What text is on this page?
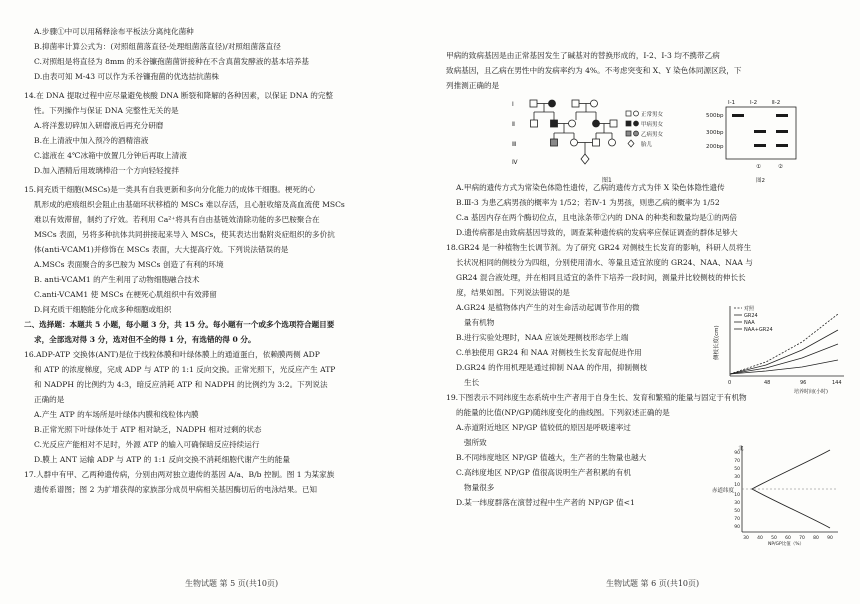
A.步骤①中可以用稀释涂布平板法分离纯化菌种

B.抑菌率计算公式为：(对照组菌落直径-处理组菌落直径)/对照组菌落直径

C.对照组是将直径为 8mm 的禾谷镰孢菌菌饼接种在不含真菌发酵液的基本培养基

D.由表可知 M-43 可以作为禾谷镰孢菌的优选拮抗菌株

14.在 DNA 提取过程中应尽量避免核酸 DNA 断裂和降解的各种因素，以保证 DNA 的完整

性。下列操作与保证 DNA 完整性无关的是

A.将洋葱切碎加入研磨液后再充分研磨

B.在上清液中加入预冷的酒精溶液

C.滤液在 4℃冰箱中放置几分钟后再取上清液

D.加入酒精后用玻璃棒沿一个方向轻轻搅拌

15.间充质干细胞(MSCs)是一类具有自我更新和多向分化能力的成体干细胞。梗死的心

肌形成的疤痕组织会阻止由基础环状移植的 MSCs 难以存活，且心脏收缩及高血流使 MSCs

难以有效滞留，制约了疗效。若利用 Ca²⁺将具有自由基链效清除功能的多巴胺聚合在

MSCs 表面，另将多种抗体共同拼接起来导入 MSCs，使其表达出黏附炎症组织的多价抗

体(anti-VCAM1)并修饰在 MSCs 表面，大大提高疗效。下列说法错误的是

A.MSCs 表面聚合的多巴胺为 MSCs 创造了有利的环境

B. anti-VCAM1 的产生利用了动物细胞融合技术

C.anti-VCAM1 使 MSCs 在梗死心肌组织中有效滞留

D.间充质干细胞能分化成多种细胞或组织

二、选择题：本题共 5 小题，每小题 3 分，共 15 分。每小题有一个或多个选项符合题目要

求，全部选对得 3 分，选对但不全的得 1 分，有选错的得 0 分。

16.ADP-ATP 交换体(ANT)是位于线粒体膜和叶绿体膜上的通道蛋白，依赖膜两侧 ADP

和 ATP 的浓度梯度，完成 ADP 与 ATP 的 1:1 反向交换。正常光照下，光反应产生 ATP

和 NADPH 的比例约为 4:3，暗反应消耗 ATP 和 NADPH 的比例约为 3:2。下列说法

正确的是

A.产生 ATP 的车场所是叶绿体内膜和线粒体内膜

B.正常光照下叶绿体处于 ATP 相对缺乏，NADPH 相对过剩的状态

C.光反应产能相对不足时，外源 ATP 的输入可确保暗反应持续运行

D.膜上 ANT 运输 ADP 与 ATP 的 1:1 反向交换不消耗细胞代谢产生的能量

17.人群中有甲、乙两种遗传病，分别由两对独立遗传的基因 A/a、B/b 控制。图 1 为某家族

遗传系谱图；图 2 为扩增获得的家族部分成员甲病相关基因酶切后的电泳结果。已知

生物试题 第 5 页(共10页)

甲病的致病基因是由正常基因发生了碱基对的替换形成的，Ⅰ-2、Ⅰ-3 均不携带乙病

致病基因，且乙病在男性中的发病率约为 4%。不考虑突变和 X、Y 染色体同源区段，下

列推测正确的是

Ⅰ
Ⅱ
Ⅲ
Ⅳ
正常男女
甲病男女
乙病男女
胎儿
图1
Ⅰ-1	Ⅰ-2	Ⅱ-2
500bp
300bp
200bp
①	②
图2

A.甲病的遗传方式为常染色体隐性遗传，乙病的遗传方式为伴 X 染色体隐性遗传

B.Ⅲ-3 为患乙病男孩的概率为 1/52；若Ⅳ-1 为男孩，则患乙病的概率为 1/52

C.a 基因内存在两个酶切位点，且电泳条带②内的 DNA 的种类和数量均是①的两倍

D.遗传病都是由致病基因导致的，调查某种遗传病的发病率应保证调查的群体足够大

18.GR24 是一种植物生长调节剂。为了研究 GR24 对侧枝生长发育的影响，科研人员将生

长状况相同的侧枝分为四组，分别使用清水、等量且适宜浓度的 GR24、NAA、NAA 与

GR24 混合液处理，并在相同且适宜的条件下培养一段时间，测量并比较侧枝的伸长长

度，结果如图。下列说法错误的是

A.GR24 是植物体内产生的对生命活动起调节作用的微

量有机物

B.进行实验处理时，NAA 应该处理侧枝形态学上端

C.单独使用 GR24 和 NAA 对侧枝生长发育起促进作用

D.GR24 的作用机理是通过抑制 NAA 的作用，抑制侧枝

生长

19.下图表示不同纬度生态系统中生产者用于自身生长、发育和繁殖的能量与固定于有机物

的能量的比值(NP/GP)随纬度变化的曲线图。下列叙述正确的是

A.赤道附近地区 NP/GP 值较低的原因是呼吸速率过

强所致

B.不同纬度地区 NP/GP 值越大，生产者的生物量也越大

C.高纬度地区 NP/GP 值很高说明生产者积累的有机

物量很多

D.某一纬度群落在演替过程中生产者的 NP/GP 值<1

侧枝长度(cm)
0	48	96	144
培养时间(小时)
对照
GR24
NAA
NAA+GR24
北
赤道纬度
90
70
50
30
10
10
30
50
70
90
30 40 50 60 70 80 90
NP/GP比值（%）
生物试题 第 6 页(共10页)
